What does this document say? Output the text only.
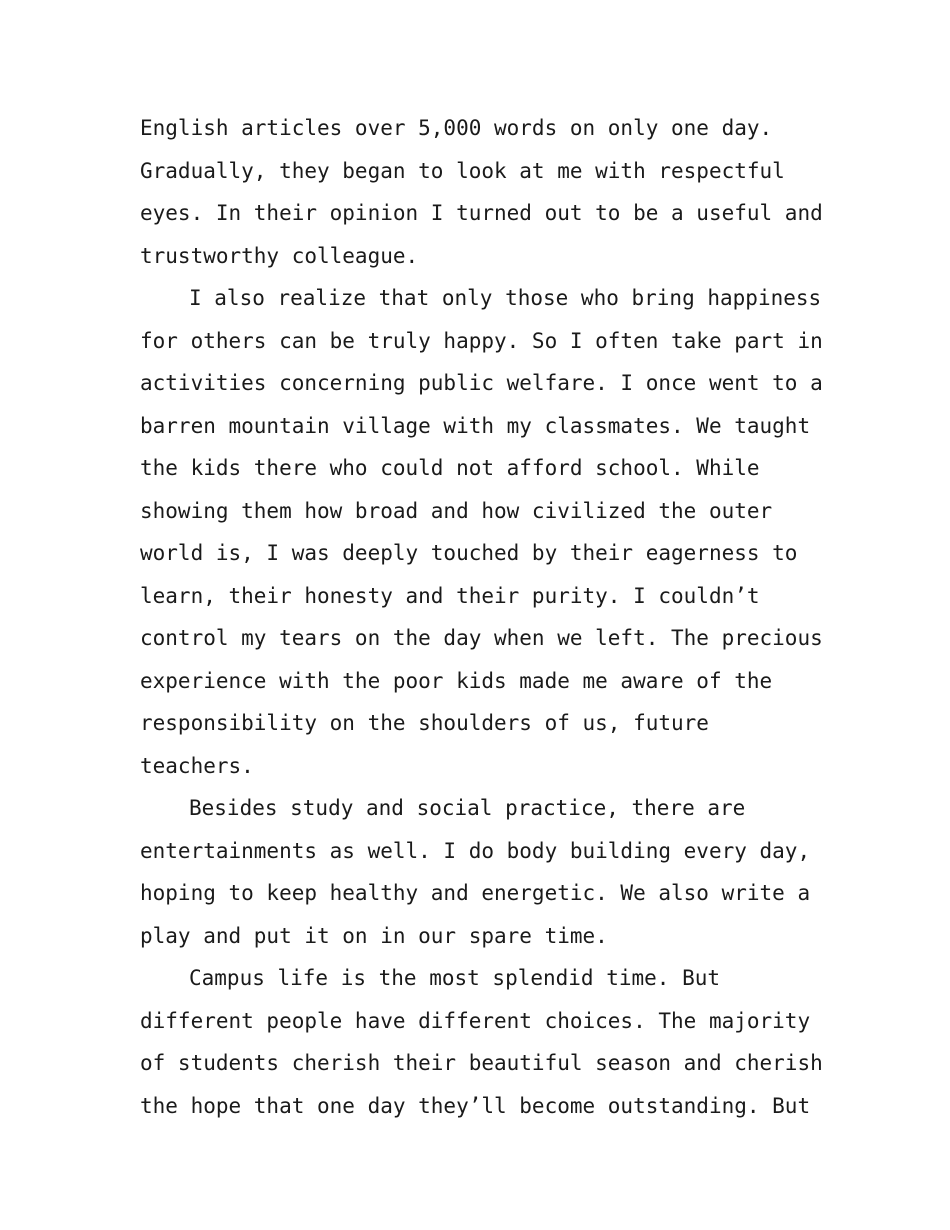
English articles over 5,000 words on only one day.
Gradually, they began to look at me with respectful
eyes. In their opinion I turned out to be a useful and
trustworthy colleague.
I also realize that only those who bring happiness
for others can be truly happy. So I often take part in
activities concerning public welfare. I once went to a
barren mountain village with my classmates. We taught
the kids there who could not afford school. While
showing them how broad and how civilized the outer
world is, I was deeply touched by their eagerness to
learn, their honesty and their purity. I couldn’t
control my tears on the day when we left. The precious
experience with the poor kids made me aware of the
responsibility on the shoulders of us, future
teachers.
Besides study and social practice, there are
entertainments as well. I do body building every day,
hoping to keep healthy and energetic. We also write a
play and put it on in our spare time.
Campus life is the most splendid time. But
different people have different choices. The majority
of students cherish their beautiful season and cherish
the hope that one day they’ll become outstanding. But
